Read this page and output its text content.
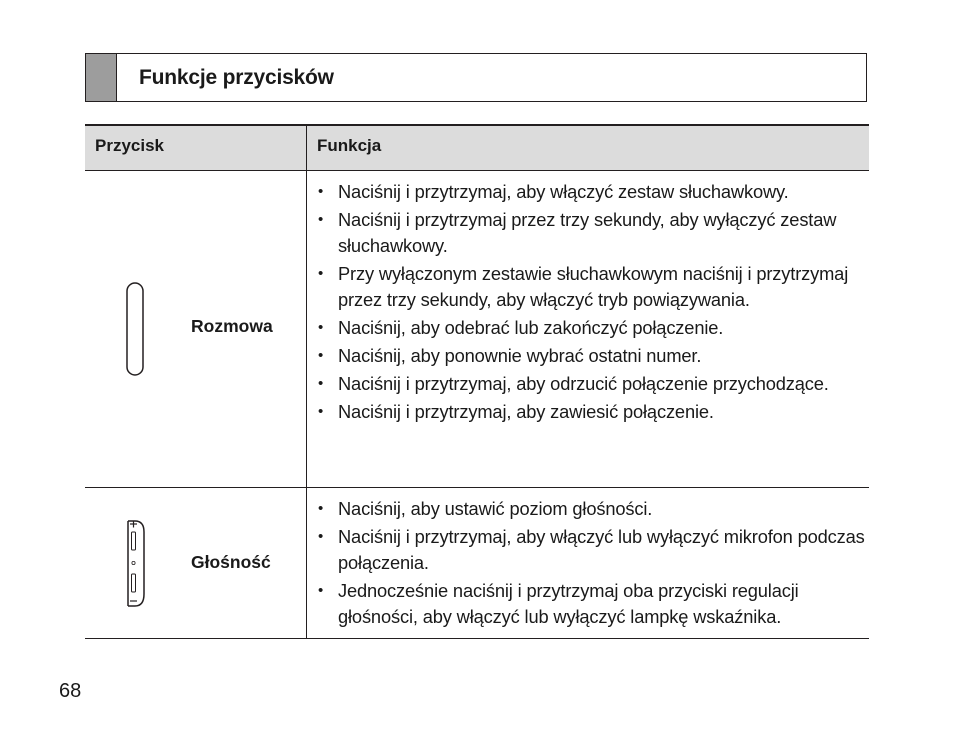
Funkcje przycisków
Przycisk	Funkcja
Rozmowa
• Naciśnij i przytrzymaj, aby włączyć zestaw słuchawkowy.
• Naciśnij i przytrzymaj przez trzy sekundy, aby wyłączyć zestaw słuchawkowy.
• Przy wyłączonym zestawie słuchawkowym naciśnij i przytrzymaj przez trzy sekundy, aby włączyć tryb powiązywania.
• Naciśnij, aby odebrać lub zakończyć połączenie.
• Naciśnij, aby ponownie wybrać ostatni numer.
• Naciśnij i przytrzymaj, aby odrzucić połączenie przychodzące.
• Naciśnij i przytrzymaj, aby zawiesić połączenie.
Głośność
• Naciśnij, aby ustawić poziom głośności.
• Naciśnij i przytrzymaj, aby włączyć lub wyłączyć mikrofon podczas połączenia.
• Jednocześnie naciśnij i przytrzymaj oba przyciski regulacji głośności, aby włączyć lub wyłączyć lampkę wskaźnika.
68
